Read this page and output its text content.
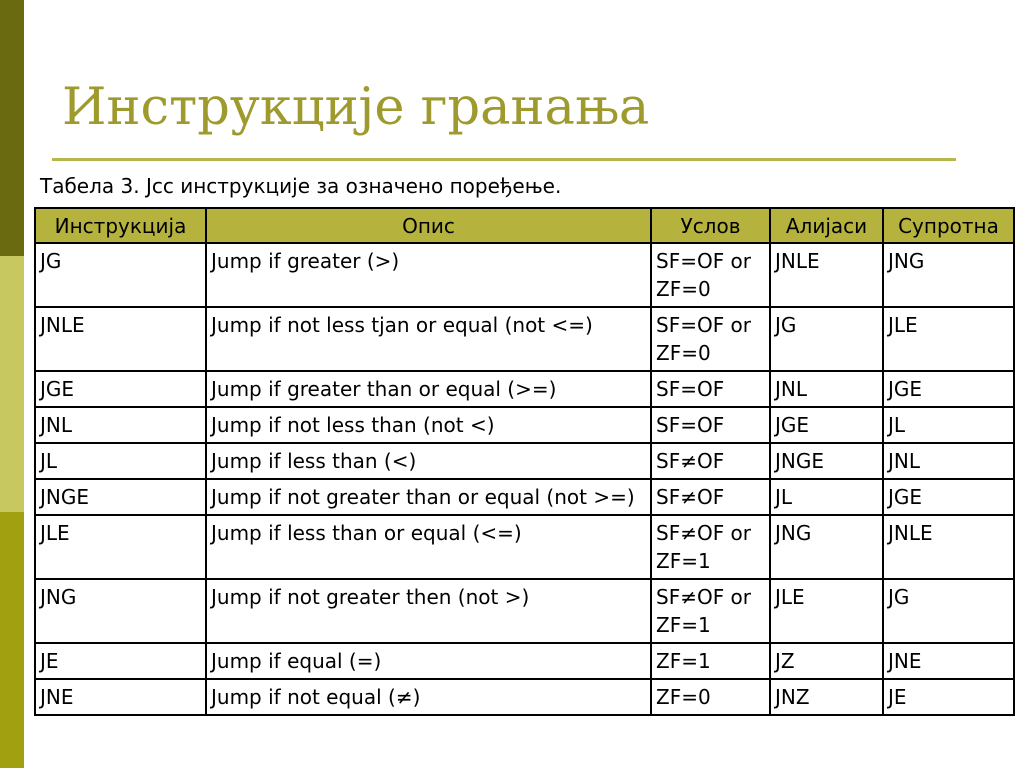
Инструкције гранања
Табела 3. Jcc инструкције за означено поређење.
Инструкција	Опис	Услов	Алијаси	Супротна
JG	Jump if greater (>)	SF=OF or ZF=0	JNLE	JNG
JNLE	Jump if not less tjan or equal (not <=)	SF=OF or ZF=0	JG	JLE
JGE	Jump if greater than or equal (>=)	SF=OF	JNL	JGE
JNL	Jump if not less than (not <)	SF=OF	JGE	JL
JL	Jump if less than (<)	SF≠OF	JNGE	JNL
JNGE	Jump if not greater than or equal (not >=)	SF≠OF	JL	JGE
JLE	Jump if less than or equal (<=)	SF≠OF or ZF=1	JNG	JNLE
JNG	Jump if not greater then (not >)	SF≠OF or ZF=1	JLE	JG
JE	Jump if equal (=)	ZF=1	JZ	JNE
JNE	Jump if not equal (≠)	ZF=0	JNZ	JE
